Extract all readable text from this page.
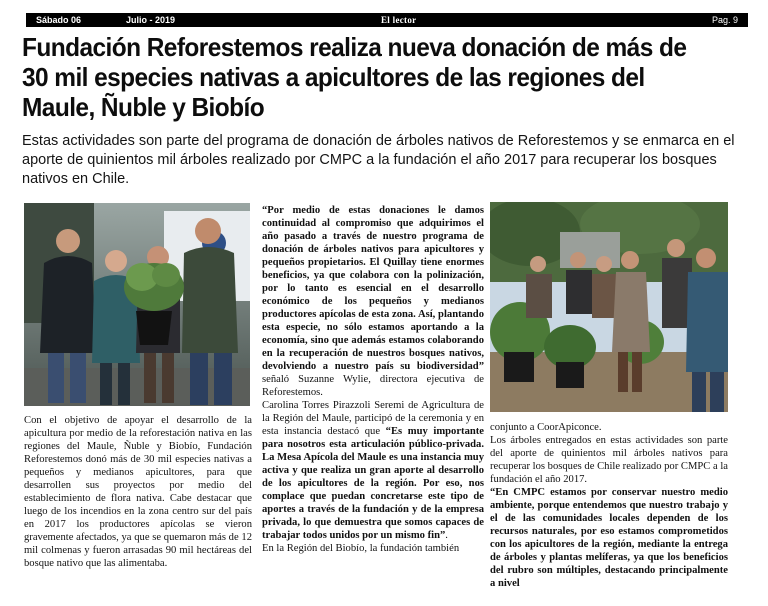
Sábado 06	Julio - 2019	El lector	Pag. 9
Fundación Reforestemos realiza nueva donación de más de 30 mil especies nativas a apicultores de las regiones del Maule, Ñuble y Biobío

Estas actividades son parte del programa de donación de árboles nativos de Reforestemos y se enmarca en el aporte de quinientos mil árboles realizado por CMPC a la fundación el año 2017 para recuperar los bosques nativos en Chile.

Con el objetivo de apoyar el desarrollo de la apicultura por medio de la reforestación nativa en las regiones del Maule, Ñuble y Biobío, Fundación Reforestemos donó más de 30 mil especies nativas a pequeños y medianos apicultores, para que desarrollen sus proyectos por medio del establecimiento de flora nativa. Cabe destacar que luego de los incendios en la zona centro sur del país en 2017 los productores apícolas se vieron gravemente afectados, ya que se quemaron más de 12 mil colmenas y fueron arrasadas 90 mil hectáreas del bosque nativo que las alimentaba.

“Por medio de estas donaciones le damos continuidad al compromiso que adquirimos el año pasado a través de nuestro programa de donación de árboles nativos para apicultores y pequeños propietarios. El Quillay tiene enormes beneficios, ya que colabora con la polinización, por lo tanto es esencial en el desarrollo económico de los pequeños y medianos productores apícolas de esta zona. Así, plantando esta especie, no sólo estamos aportando a la economía, sino que además estamos colaborando en la recuperación de nuestros bosques nativos, devolviendo a nuestro país su biodiversidad” señaló Suzanne Wylie, directora ejecutiva de Reforestemos.

Carolina Torres Pirazzoli Seremi de Agricultura de la Región del Maule, participó de la ceremonia y en esta instancia destacó que “Es muy importante para nosotros esta articulación público-privada. La Mesa Apícola del Maule es una instancia muy activa y que realiza un gran aporte al desarrollo de los apicultores de la región. Por eso, nos complace que puedan concretarse este tipo de aportes a través de la fundación y de la empresa privada, lo que demuestra que somos capaces de trabajar todos unidos por un mismo fin”.

En la Región del Biobío, la fundación también

conjunto a CoorApiconce.

Los árboles entregados en estas actividades son parte del aporte de quinientos mil árboles nativos para recuperar los bosques de Chile realizado por CMPC a la fundación el año 2017.

“En CMPC estamos por conservar nuestro medio ambiente, porque entendemos que nuestro trabajo y el de las comunidades locales dependen de los recursos naturales, por eso estamos comprometidos con los apicultores de la región, mediante la entrega de árboles y plantas melíferas, ya que los beneficios del rubro son múltiples, destacando principalmente a nivel
